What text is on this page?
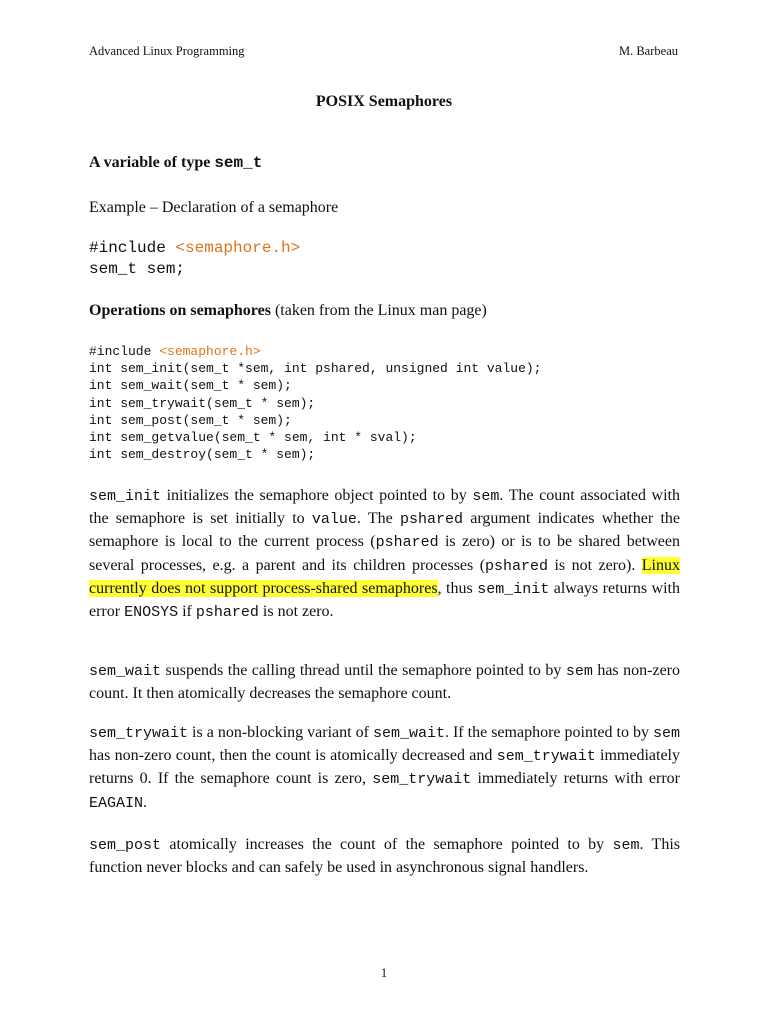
Advanced Linux Programming	M. Barbeau
POSIX Semaphores
A variable of type sem_t
Example – Declaration of a semaphore
#include <semaphore.h>
sem_t sem;
Operations on semaphores (taken from the Linux man page)
#include <semaphore.h>
int sem_init(sem_t *sem, int pshared, unsigned int value);
int sem_wait(sem_t * sem);
int sem_trywait(sem_t * sem);
int sem_post(sem_t * sem);
int sem_getvalue(sem_t * sem, int * sval);
int sem_destroy(sem_t * sem);
sem_init initializes the semaphore object pointed to by sem. The count associated with the semaphore is set initially to value. The pshared argument indicates whether the semaphore is local to the current process (pshared is zero) or is to be shared between several processes, e.g. a parent and its children processes (pshared is not zero). Linux currently does not support process-shared semaphores, thus sem_init always returns with error ENOSYS if pshared is not zero.
sem_wait suspends the calling thread until the semaphore pointed to by sem has non-zero count. It then atomically decreases the semaphore count.
sem_trywait is a non-blocking variant of sem_wait. If the semaphore pointed to by sem has non-zero count, then the count is atomically decreased and sem_trywait immediately returns 0. If the semaphore count is zero, sem_trywait immediately returns with error EAGAIN.
sem_post atomically increases the count of the semaphore pointed to by sem. This function never blocks and can safely be used in asynchronous signal handlers.
1
